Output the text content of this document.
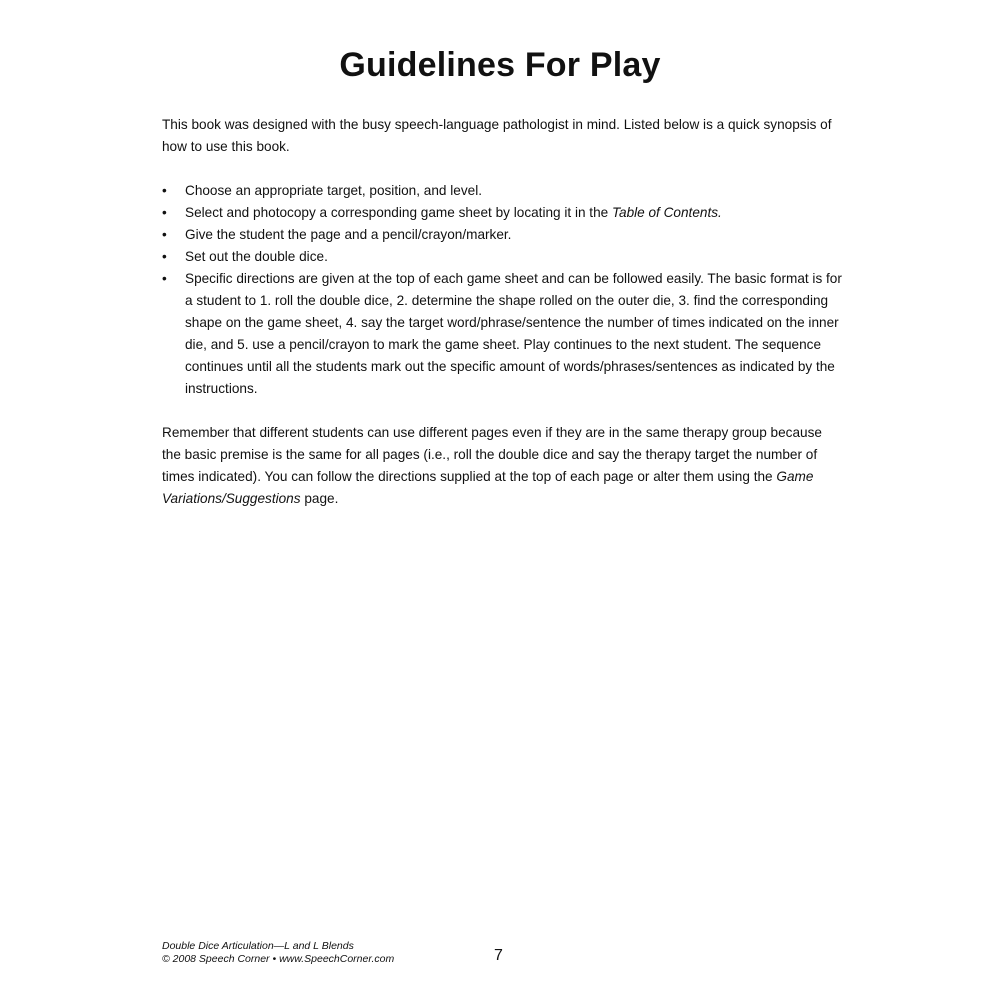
Guidelines For Play

This book was designed with the busy speech-language pathologist in mind. Listed below is a quick synopsis of how to use this book.

• Choose an appropriate target, position, and level.
• Select and photocopy a corresponding game sheet by locating it in the Table of Contents.
• Give the student the page and a pencil/crayon/marker.
• Set out the double dice.
• Specific directions are given at the top of each game sheet and can be followed easily. The basic format is for a student to 1. roll the double dice, 2. determine the shape rolled on the outer die, 3. find the corresponding shape on the game sheet, 4. say the target word/phrase/sentence the number of times indicated on the inner die, and 5. use a pencil/crayon to mark the game sheet. Play continues to the next student. The sequence continues until all the students mark out the specific amount of words/phrases/sentences as indicated by the instructions.

Remember that different students can use different pages even if they are in the same therapy group because the basic premise is the same for all pages (i.e., roll the double dice and say the therapy target the number of times indicated). You can follow the directions supplied at the top of each page or alter them using the Game Variations/Suggestions page.

Double Dice Articulation—L and L Blends
© 2008 Speech Corner • www.SpeechCorner.com	7
